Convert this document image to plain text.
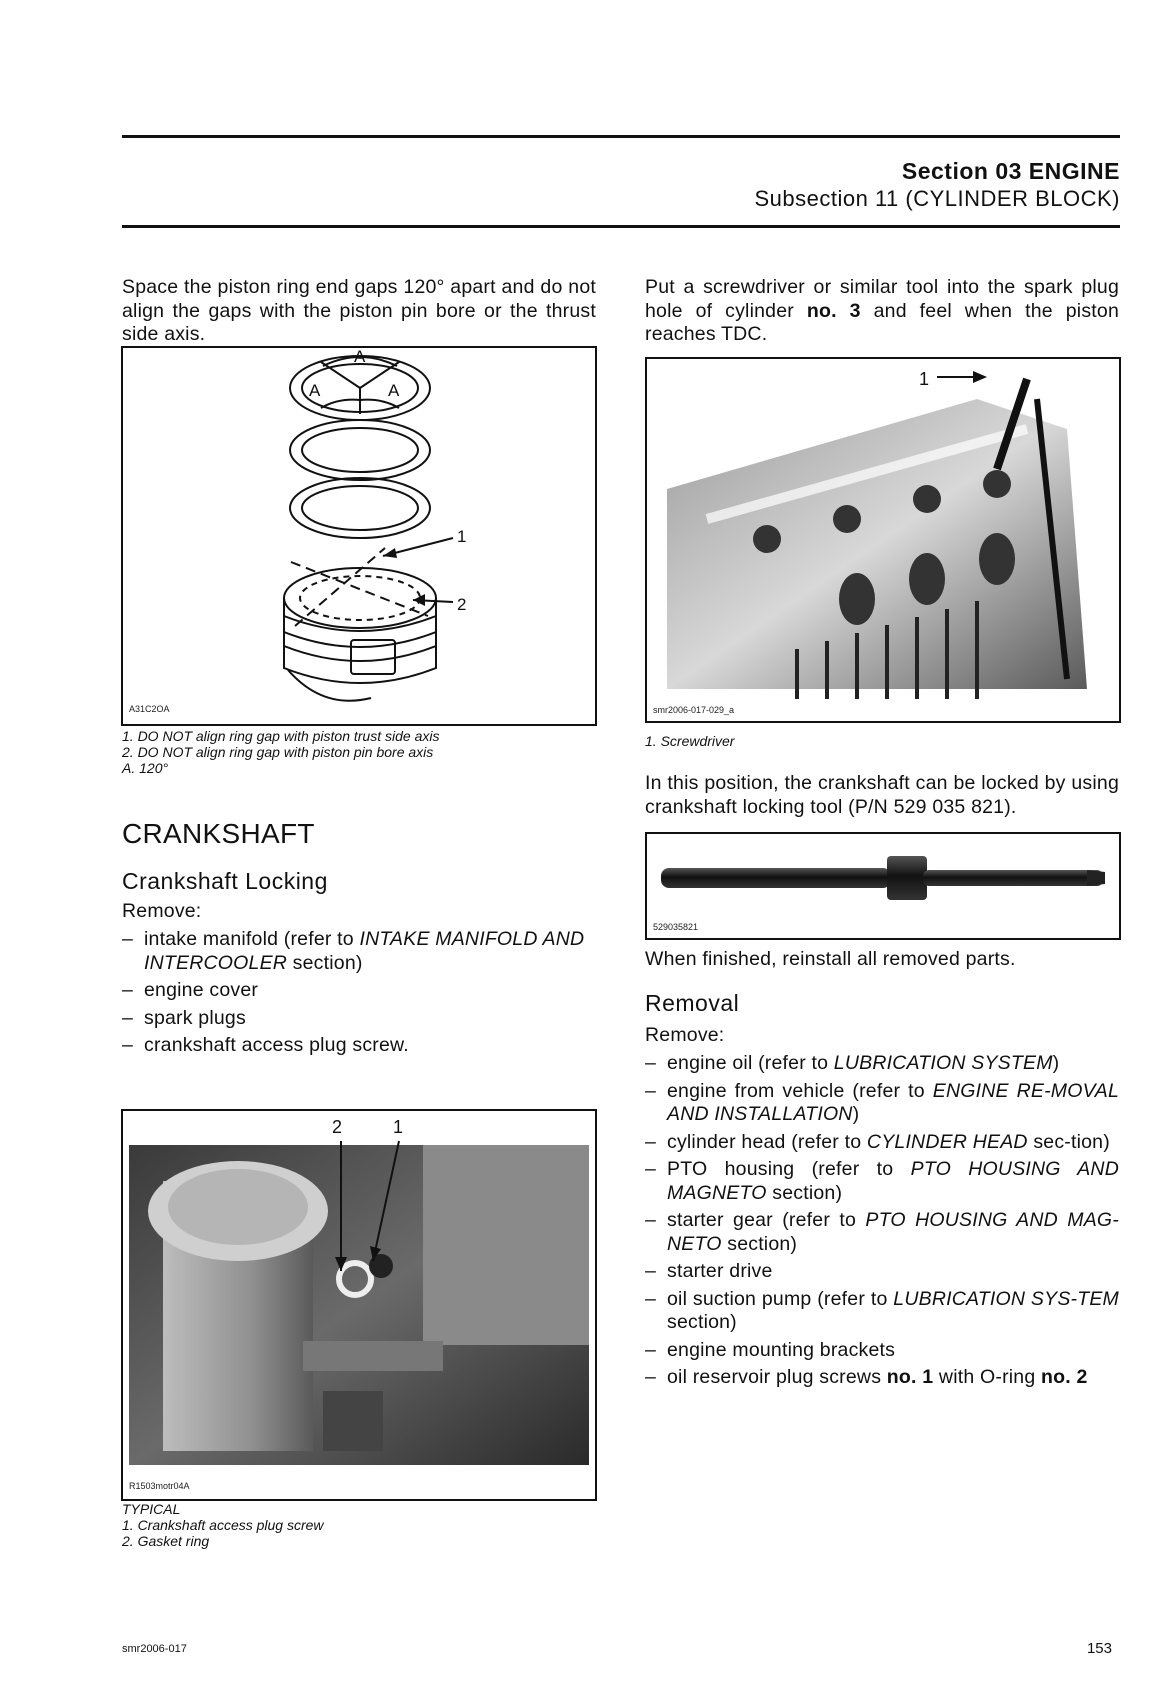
Section 03 ENGINE
Subsection 11 (CYLINDER BLOCK)
Space the piston ring end gaps 120° apart and do not align the gaps with the piston pin bore or the thrust side axis.
A
A	A
1
2
A31C2OA
1. DO NOT align ring gap with piston trust side axis
2. DO NOT align ring gap with piston pin bore axis
A. 120°
CRANKSHAFT
Crankshaft Locking
Remove:
– intake manifold (refer to INTAKE MANIFOLD AND INTERCOOLER section)
– engine cover
– spark plugs
– crankshaft access plug screw.
2	1
R1503motr04A
TYPICAL
1. Crankshaft access plug screw
2. Gasket ring
Put a screwdriver or similar tool into the spark plug hole of cylinder no. 3 and feel when the piston reaches TDC.
1
smr2006-017-029_a
1. Screwdriver
In this position, the crankshaft can be locked by using crankshaft locking tool (P/N 529 035 821).
529035821
When finished, reinstall all removed parts.
Removal
Remove:
– engine oil (refer to LUBRICATION SYSTEM)
– engine from vehicle (refer to ENGINE RE-MOVAL AND INSTALLATION)
– cylinder head (refer to CYLINDER HEAD sec-tion)
– PTO housing (refer to PTO HOUSING AND MAGNETO section)
– starter gear (refer to PTO HOUSING AND MAG-NETO section)
– starter drive
– oil suction pump (refer to LUBRICATION SYS-TEM section)
– engine mounting brackets
– oil reservoir plug screws no. 1 with O-ring no. 2
smr2006-017	153
